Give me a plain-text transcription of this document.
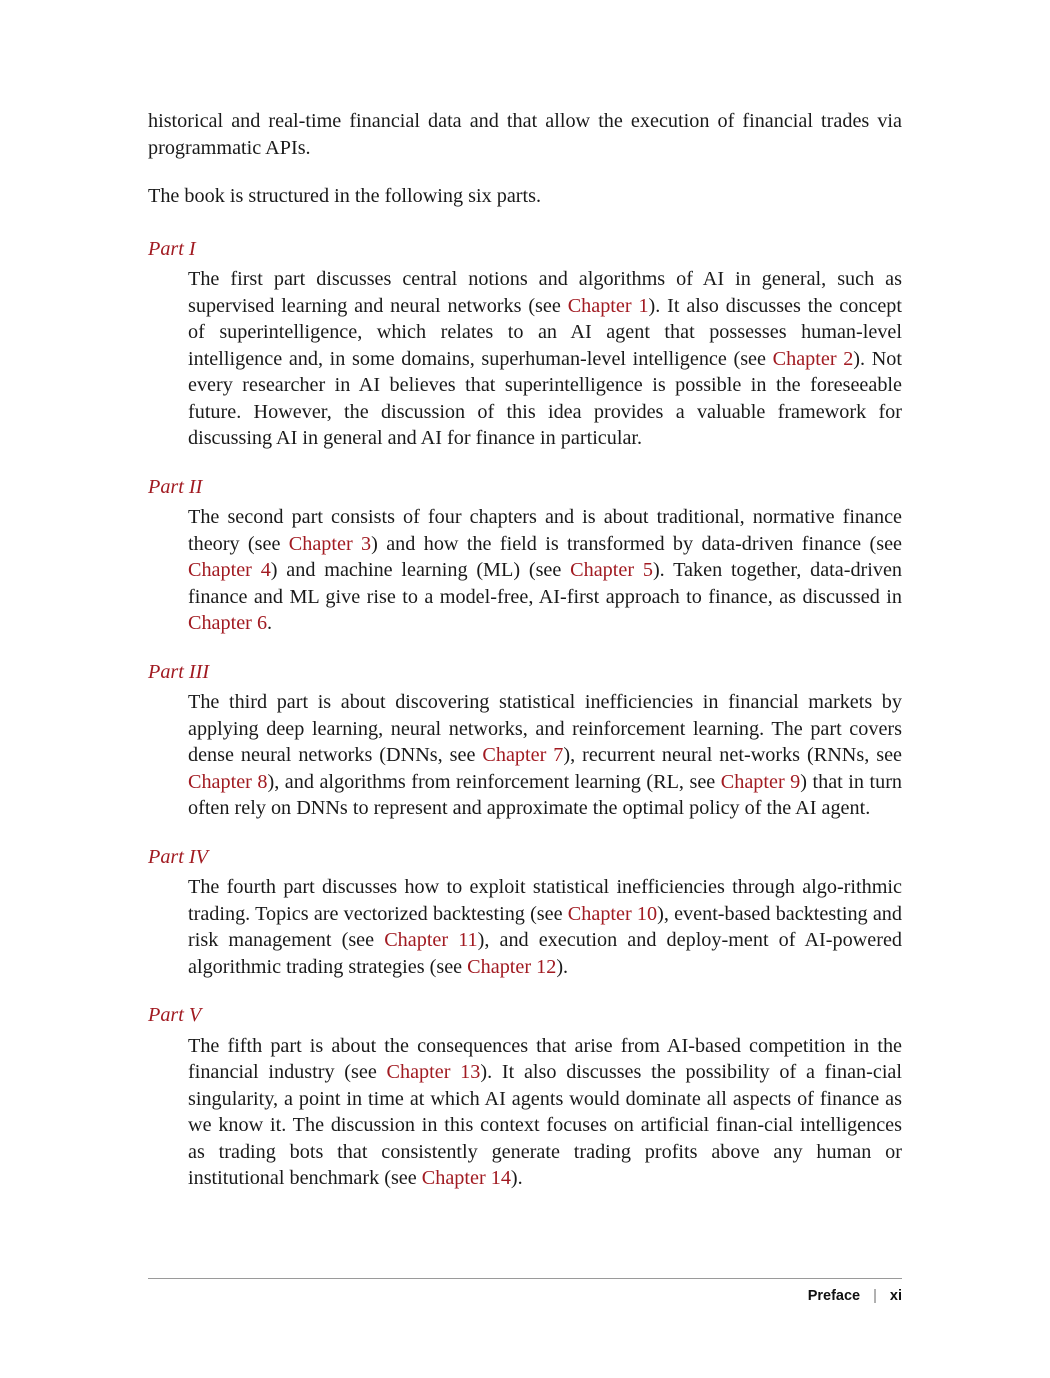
historical and real-time financial data and that allow the execution of financial trades via programmatic APIs.

The book is structured in the following six parts.

Part I

The first part discusses central notions and algorithms of AI in general, such as supervised learning and neural networks (see Chapter 1). It also discusses the concept of superintelligence, which relates to an AI agent that possesses human-level intelligence and, in some domains, superhuman-level intelligence (see Chapter 2). Not every researcher in AI believes that superintelligence is possible in the foreseeable future. However, the discussion of this idea provides a valuable framework for discussing AI in general and AI for finance in particular.

Part II

The second part consists of four chapters and is about traditional, normative finance theory (see Chapter 3) and how the field is transformed by data-driven finance (see Chapter 4) and machine learning (ML) (see Chapter 5). Taken together, data-driven finance and ML give rise to a model-free, AI-first approach to finance, as discussed in Chapter 6.

Part III

The third part is about discovering statistical inefficiencies in financial markets by applying deep learning, neural networks, and reinforcement learning. The part covers dense neural networks (DNNs, see Chapter 7), recurrent neural net-works (RNNs, see Chapter 8), and algorithms from reinforcement learning (RL, see Chapter 9) that in turn often rely on DNNs to represent and approximate the optimal policy of the AI agent.

Part IV

The fourth part discusses how to exploit statistical inefficiencies through algo-rithmic trading. Topics are vectorized backtesting (see Chapter 10), event-based backtesting and risk management (see Chapter 11), and execution and deploy-ment of AI-powered algorithmic trading strategies (see Chapter 12).

Part V

The fifth part is about the consequences that arise from AI-based competition in the financial industry (see Chapter 13). It also discusses the possibility of a finan-cial singularity, a point in time at which AI agents would dominate all aspects of finance as we know it. The discussion in this context focuses on artificial finan-cial intelligences as trading bots that consistently generate trading profits above any human or institutional benchmark (see Chapter 14).

Preface | xi
